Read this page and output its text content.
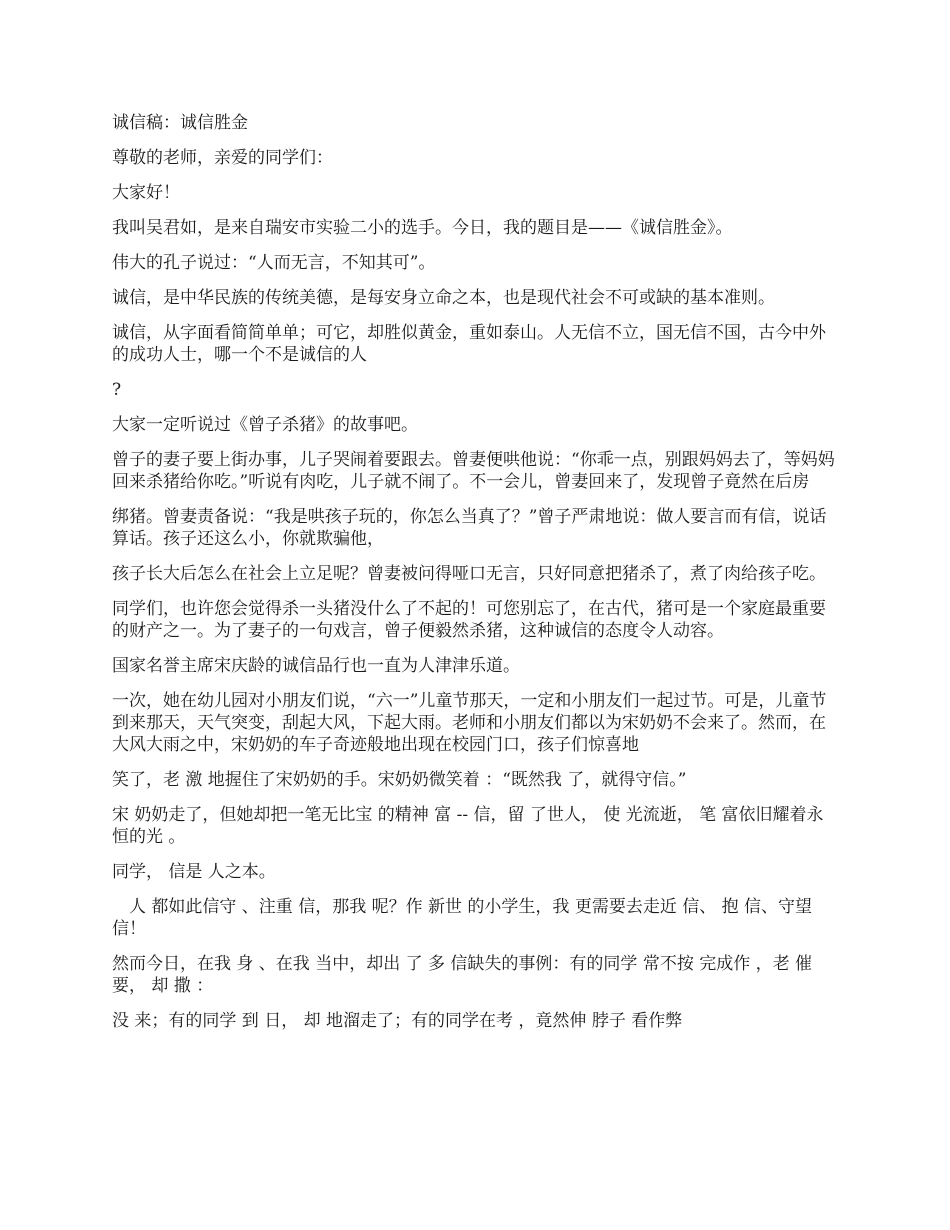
诚信稿：诚信胜金

尊敬的老师，亲爱的同学们：

大家好！

我叫吴君如，是来自瑞安市实验二小的选手。今日，我的题目是——《诚信胜金》。

伟大的孔子说过：“人而无言，不知其可”。

诚信，是中华民族的传统美德，是每安身立命之本，也是现代社会不可或缺的基本准则。

诚信，从字面看简简单单；可它，却胜似黄金，重如泰山。人无信不立，国无信不国，古今中外的成功人士，哪一个不是诚信的人

?

大家一定听说过《曾子杀猪》的故事吧。

曾子的妻子要上街办事，儿子哭闹着要跟去。曾妻便哄他说：“你乖一点，别跟妈妈去了，等妈妈回来杀猪给你吃。”听说有肉吃，儿子就不闹了。不一会儿，曾妻回来了，发现曾子竟然在后房

绑猪。曾妻责备说：“我是哄孩子玩的，你怎么当真了？”曾子严肃地说：做人要言而有信，说话算话。孩子还这么小，你就欺骗他，

孩子长大后怎么在社会上立足呢？曾妻被问得哑口无言，只好同意把猪杀了，煮了肉给孩子吃。

同学们，也许您会觉得杀一头猪没什么了不起的！可您别忘了，在古代，猪可是一个家庭最重要的财产之一。为了妻子的一句戏言，曾子便毅然杀猪，这种诚信的态度令人动容。

国家名誉主席宋庆龄的诚信品行也一直为人津津乐道。

一次，她在幼儿园对小朋友们说，“六一”儿童节那天，一定和小朋友们一起过节。可是，儿童节到来那天，天气突变，刮起大风，下起大雨。老师和小朋友们都以为宋奶奶不会来了。然而，在大风大雨之中，宋奶奶的车子奇迹般地出现在校园门口，孩子们惊喜地

笑了，老 激 地握住了宋奶奶的手。宋奶奶微笑着 ：“既然我 了，就得守信。”

宋 奶奶走了，但她却把一笔无比宝 的精神 富 -- 信，留 了世人， 使 光流逝， 笔 富依旧耀着永恒的光 。

同学， 信是 人之本。

　人 都如此信守 、注重 信，那我 呢？作 新世 的小学生，我 更需要去走近 信、 抱 信、守望 信！

然而今日，在我 身 、在我 当中，却出 了 多 信缺失的事例：有的同学 常不按 完成作 ，老 催要， 却 撒 ：

没 来；有的同学 到 日， 却 地溜走了；有的同学在考 ，竟然伸 脖子 看作弊
